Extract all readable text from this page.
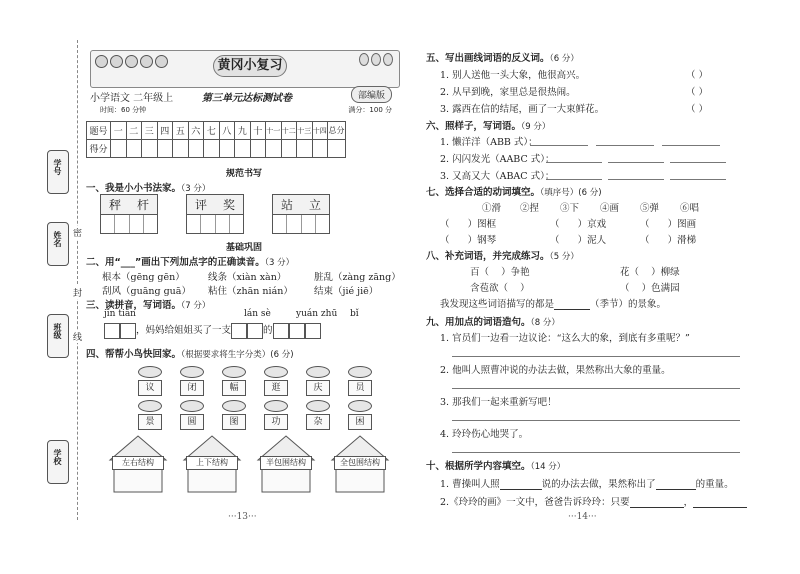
学号
姓名
班级
学校
密
封
线
黄冈小复习
小学语文 二年级上
时间：60 分钟
第三单元达标测试卷	部编版
满分：100 分
题号	一	二	三	四	五	六	七	八	九	十	十一	十二	十三	十四	总分
得分															
规范书写
一、我是小小书法家。（3 分）
秤	杆	评	奖	站	立
基础巩固
二、用“___”画出下列加点字的正确读音。（3 分）
根本（gēng gēn） 线条（xiàn xàn）	脏乱（zàng zāng）
刮风（guāng guā） 粘住（zhān nián） 结束（jié jiē）
三、读拼音，写词语。（7 分）
jīn tiān	lán sè	yuán zhū bǐ
，妈妈给姐姐买了一支	的
四、帮帮小鸟快回家。（根据要求将生字分类）(6 分)
议	闭	幅	逛	庆	员
景	圆	图	功	杂	困
左右结构	上下结构	半包围结构	全包围结构
···13···
五、写出画线词语的反义词。（6 分）
1. 别人送他一头大象，他很高兴。	（ ）
2. 从早到晚，家里总是很热闹。	（ ）
3. 露西在信的结尾，画了一大束鲜花。	（ ）
六、照样子，写词语。（9 分）
1. 懒洋洋（ABB 式）：
2. 闪闪发光（AABC 式）：
3. 又高又大（ABAC 式）：
七、选择合适的动词填空。（填序号）(6 分)
①滑 ②捏 ③下 ④画 ⑤弹 ⑥唱
（      ）图框	（      ）京戏	（      ）图画
（      ）钢琴	（      ）泥人	（      ）滑梯
八、补充词语，并完成练习。（5 分）
百（    ）争艳	花（    ）柳绿
含苞欲（    ）	（    ）色满园
我发现这些词语描写的都是	（季节）的景象。
九、用加点的词语造句。（8 分）
1. 官员们一边看一边议论：“这么大的象，到底有多重呢？”
2. 他叫人照曹冲说的办法去做，果然称出大象的重量。
3. 那我们一起来重新写吧！
4. 玲玲伤心地哭了。
十、根据所学内容填空。（14 分）
1. 曹操叫人照	说的办法去做，果然称出了	的重量。
2.《玲玲的画》一文中，爸爸告诉玲玲：只要	，
···14···
